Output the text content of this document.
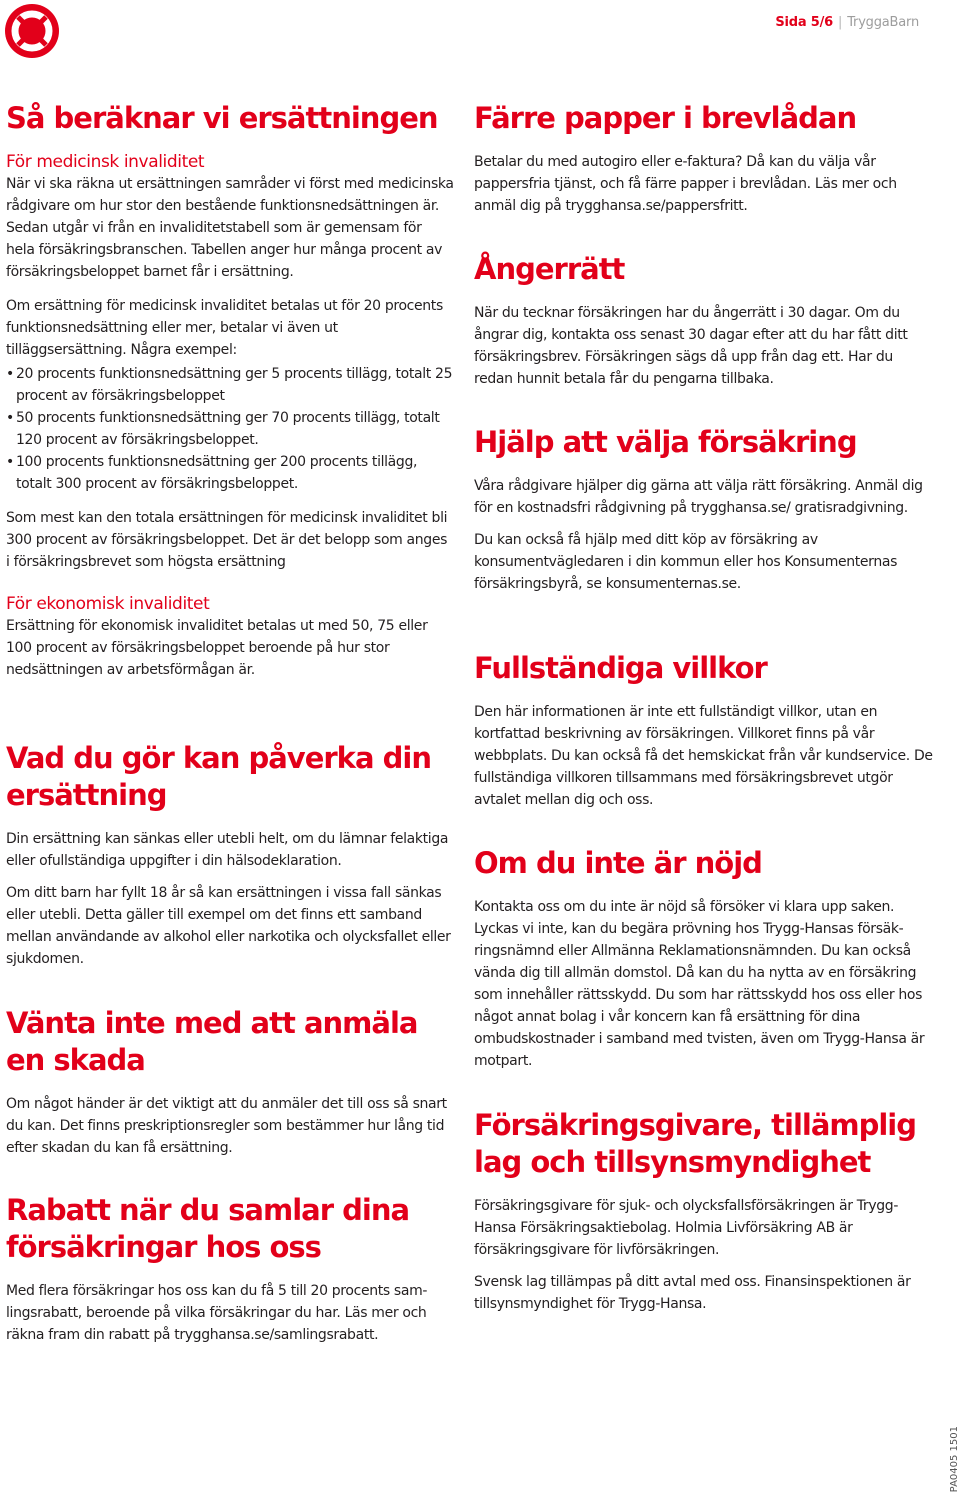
Sida 5/6 | TryggaBarn
Så beräknar vi ersättningen
För medicinsk invaliditet

När vi ska räkna ut ersättningen samråder vi först med medicinska rådgivare om hur stor den bestående funktionsnedsättningen är. Sedan utgår vi från en invaliditetstabell som är gemensam för hela försäkringsbranschen. Tabellen anger hur många procent av försäkringsbeloppet barnet får i ersättning.

Om ersättning för medicinsk invaliditet betalas ut för 20 procents funktionsnedsättning eller mer, betalar vi även ut tilläggsersättning. Några exempel:

• 20 procents funktionsnedsättning ger 5 procents tillägg, totalt 25 procent av försäkringsbeloppet
• 50 procents funktionsnedsättning ger 70 procents tillägg, totalt 120 procent av försäkringsbeloppet.
• 100 procents funktionsnedsättning ger 200 procents tillägg, totalt 300 procent av försäkringsbeloppet.

Som mest kan den totala ersättningen för medicinsk invaliditet bli 300 procent av försäkringsbeloppet. Det är det belopp som anges i försäkringsbrevet som högsta ersättning

För ekonomisk invaliditet

Ersättning för ekonomisk invaliditet betalas ut med 50, 75 eller 100 procent av försäkringsbeloppet beroende på hur stor nedsättningen av arbetsförmågan är.

Vad du gör kan påverka din ersättning

Din ersättning kan sänkas eller utebli helt, om du lämnar felaktiga eller ofullständiga uppgifter i din hälsodeklaration.

Om ditt barn har fyllt 18 år så kan ersättningen i vissa fall sänkas eller utebli. Detta gäller till exempel om det finns ett samband mellan användande av alkohol eller narkotika och olycksfallet eller sjukdomen.

Vänta inte med att anmäla en skada

Om något händer är det viktigt att du anmäler det till oss så snart du kan. Det finns preskriptionsregler som bestämmer hur lång tid efter skadan du kan få ersättning.

Rabatt när du samlar dina försäkringar hos oss

Med flera försäkringar hos oss kan du få 5 till 20 procents samlingsrabatt, beroende på vilka försäkringar du har. Läs mer och räkna fram din rabatt på trygghansa.se/samlingsrabatt.

Färre papper i brevlådan

Betalar du med autogiro eller e-faktura? Då kan du välja vår pappersfria tjänst, och få färre papper i brevlådan. Läs mer och anmäl dig på trygghansa.se/pappersfritt.

Ångerrätt

När du tecknar försäkringen har du ångerrätt i 30 dagar. Om du ångrar dig, kontakta oss senast 30 dagar efter att du har fått ditt försäkringsbrev. Försäkringen sägs då upp från dag ett. Har du redan hunnit betala får du pengarna tillbaka.

Hjälp att välja försäkring

Våra rådgivare hjälper dig gärna att välja rätt försäkring. Anmäl dig för en kostnadsfri rådgivning på trygghansa.se/ gratisradgivning.

Du kan också få hjälp med ditt köp av försäkring av konsumentvägledaren i din kommun eller hos Konsumenternas försäkringsbyrå, se konsumenternas.se.

Fullständiga villkor

Den här informationen är inte ett fullständigt villkor, utan en kortfattad beskrivning av försäkringen. Villkoret finns på vår webbplats. Du kan också få det hemskickat från vår kundservice. De fullständiga villkoren tillsammans med försäkringsbrevet utgör avtalet mellan dig och oss.

Om du inte är nöjd

Kontakta oss om du inte är nöjd så försöker vi klara upp saken. Lyckas vi inte, kan du begära prövning hos Trygg-Hansas försäkringsnämnd eller Allmänna Reklamationsnämnden. Du kan också vända dig till allmän domstol. Då kan du ha nytta av en försäkring som innehåller rättsskydd. Du som har rättsskydd hos oss eller hos något annat bolag i vår koncern kan få ersättning för dina ombudskostnader i samband med tvisten, även om Trygg-Hansa är motpart.

Försäkringsgivare, tillämplig lag och tillsynsmyndighet

Försäkringsgivare för sjuk- och olycksfallsförsäkringen är Trygg-Hansa Försäkringsaktiebolag. Holmia Livförsäkring AB är försäkringsgivare för livförsäkringen.

Svensk lag tillämpas på ditt avtal med oss. Finansinspektionen är tillsynsmyndighet för Trygg-Hansa.

PA0405 1501
